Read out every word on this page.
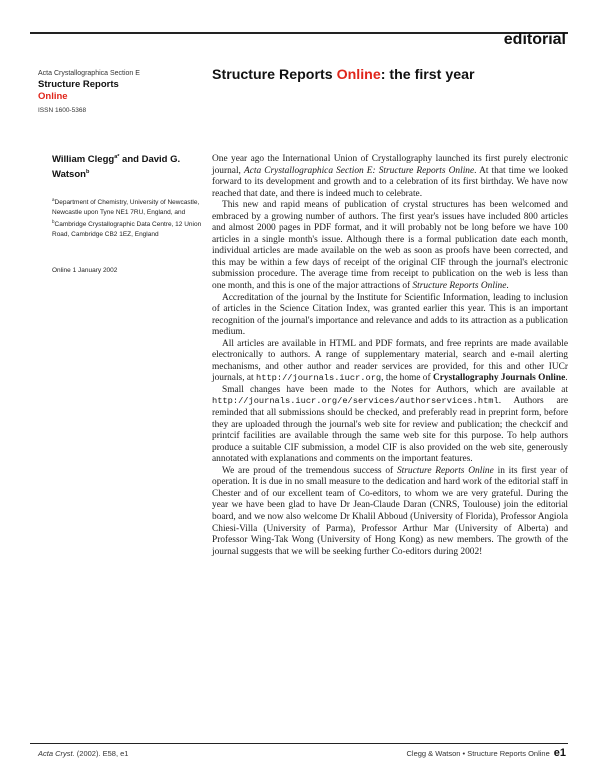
editorial
Acta Crystallographica Section E
Structure Reports
Online
ISSN 1600-5368
Structure Reports Online: the first year
William Clegg$^{a*}$ and David G. Watson$^b$
$^a$Department of Chemistry, University of Newcastle, Newcastle upon Tyne NE1 7RU, England, and $^b$Cambridge Crystallographic Data Centre, 12 Union Road, Cambridge CB2 1EZ, England
Online 1 January 2002

One year ago the International Union of Crystallography launched its first purely electronic journal, Acta Crystallographica Section E: Structure Reports Online. At that time we looked forward to its development and growth and to a celebration of its first birthday. We have now reached that date, and there is indeed much to celebrate.

This new and rapid means of publication of crystal structures has been welcomed and embraced by a growing number of authors. The first year's issues have included 800 articles and almost 2000 pages in PDF format, and it will probably not be long before we have 100 articles in a single month's issue. Although there is a formal publication date each month, individual articles are made available on the web as soon as proofs have been corrected, and this may be within a few days of receipt of the original CIF through the journal's electronic submission procedure. The average time from receipt to publication on the web is less than one month, and this is one of the major attractions of Structure Reports Online.

Accreditation of the journal by the Institute for Scientific Information, leading to inclusion of articles in the Science Citation Index, was granted earlier this year. This is an important recognition of the journal's importance and relevance and adds to its attraction as a publication medium.

All articles are available in HTML and PDF formats, and free reprints are made available electronically to authors. A range of supplementary material, search and e-mail alerting mechanisms, and other author and reader services are provided, for this and other IUCr journals, at http://journals.iucr.org, the home of Crystallography Journals Online.

Small changes have been made to the Notes for Authors, which are available at http://journals.iucr.org/e/services/authorservices.html. Authors are reminded that all submissions should be checked, and preferably read in preprint form, before they are uploaded through the journal's web site for review and publication; the checkcif and printcif facilities are available through the same web site for this purpose. To help authors produce a suitable CIF submission, a model CIF is also provided on the web site, generously annotated with explanations and comments on the important features.

We are proud of the tremendous success of Structure Reports Online in its first year of operation. It is due in no small measure to the dedication and hard work of the editorial staff in Chester and of our excellent team of Co-editors, to whom we are very grateful. During the year we have been glad to have Dr Jean-Claude Daran (CNRS, Toulouse) join the editorial board, and we now also welcome Dr Khalil Abboud (University of Florida), Professor Angiola Chiesi-Villa (University of Parma), Professor Arthur Mar (University of Alberta) and Professor Wing-Tak Wong (University of Hong Kong) as new members. The growth of the journal suggests that we will be seeking further Co-editors during 2002!

Acta Cryst. (2002). E58, e1	Clegg & Watson • Structure Reports Online e1
